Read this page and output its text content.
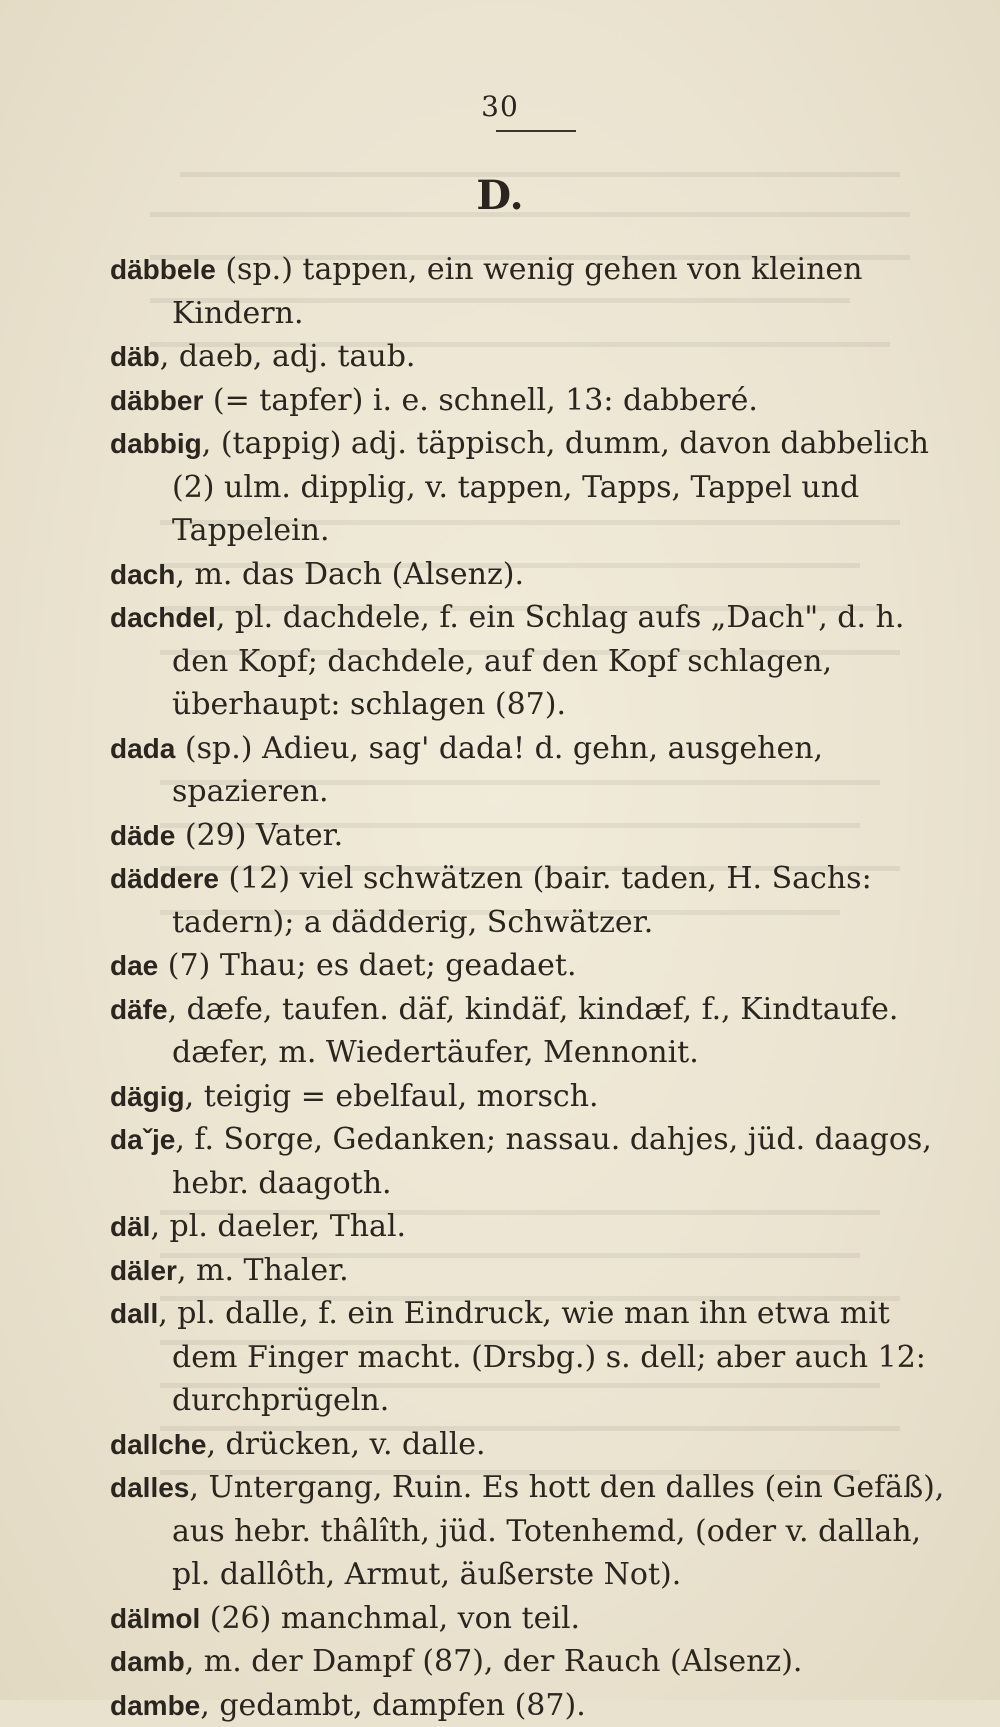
30
D.

däbbele (sp.) tappen, ein wenig gehen von kleinen Kindern.

däb, daeb, adj. taub.

däbber (= tapfer) i. e. schnell, 13: dabberé.

dabbig, (tappig) adj. täppisch, dumm, davon dabbelich (2) ulm. dipplig, v. tappen, Tapps, Tappel und Tappelein.

dach, m. das Dach (Alsenz).

dachdel, pl. dachdele, f. ein Schlag aufs „Dach", d. h. den Kopf; dachdele, auf den Kopf schlagen, überhaupt: schlagen (87).

dada (sp.) Adieu, sag' dada! d. gehn, ausgehen, spazieren.

däde (29) Vater.

däddere (12) viel schwätzen (bair. taden, H. Sachs: tadern); a dädderig, Schwätzer.

dae (7) Thau; es daet; geadaet.

däfe, dæfe, taufen. däf, kindäf, kindæf, f., Kindtaufe. dæfer, m. Wiedertäufer, Mennonit.

dägig, teigig = ebelfaul, morsch.

daˇje, f. Sorge, Gedanken; nassau. dahjes, jüd. daagos, hebr. daagoth.

däl, pl. daeler, Thal.

däler, m. Thaler.

dall, pl. dalle, f. ein Eindruck, wie man ihn etwa mit dem Finger macht. (Drsbg.) s. dell; aber auch 12: durchprügeln.

dallche, drücken, v. dalle.

dalles, Untergang, Ruin. Es hott den dalles (ein Gefäß), aus hebr. thâlîth, jüd. Totenhemd, (oder v. dallah, pl. dallôth, Armut, äußerste Not).

dälmol (26) manchmal, von teil.

damb, m. der Dampf (87), der Rauch (Alsenz).

dambe, gedambt, dampfen (87).
